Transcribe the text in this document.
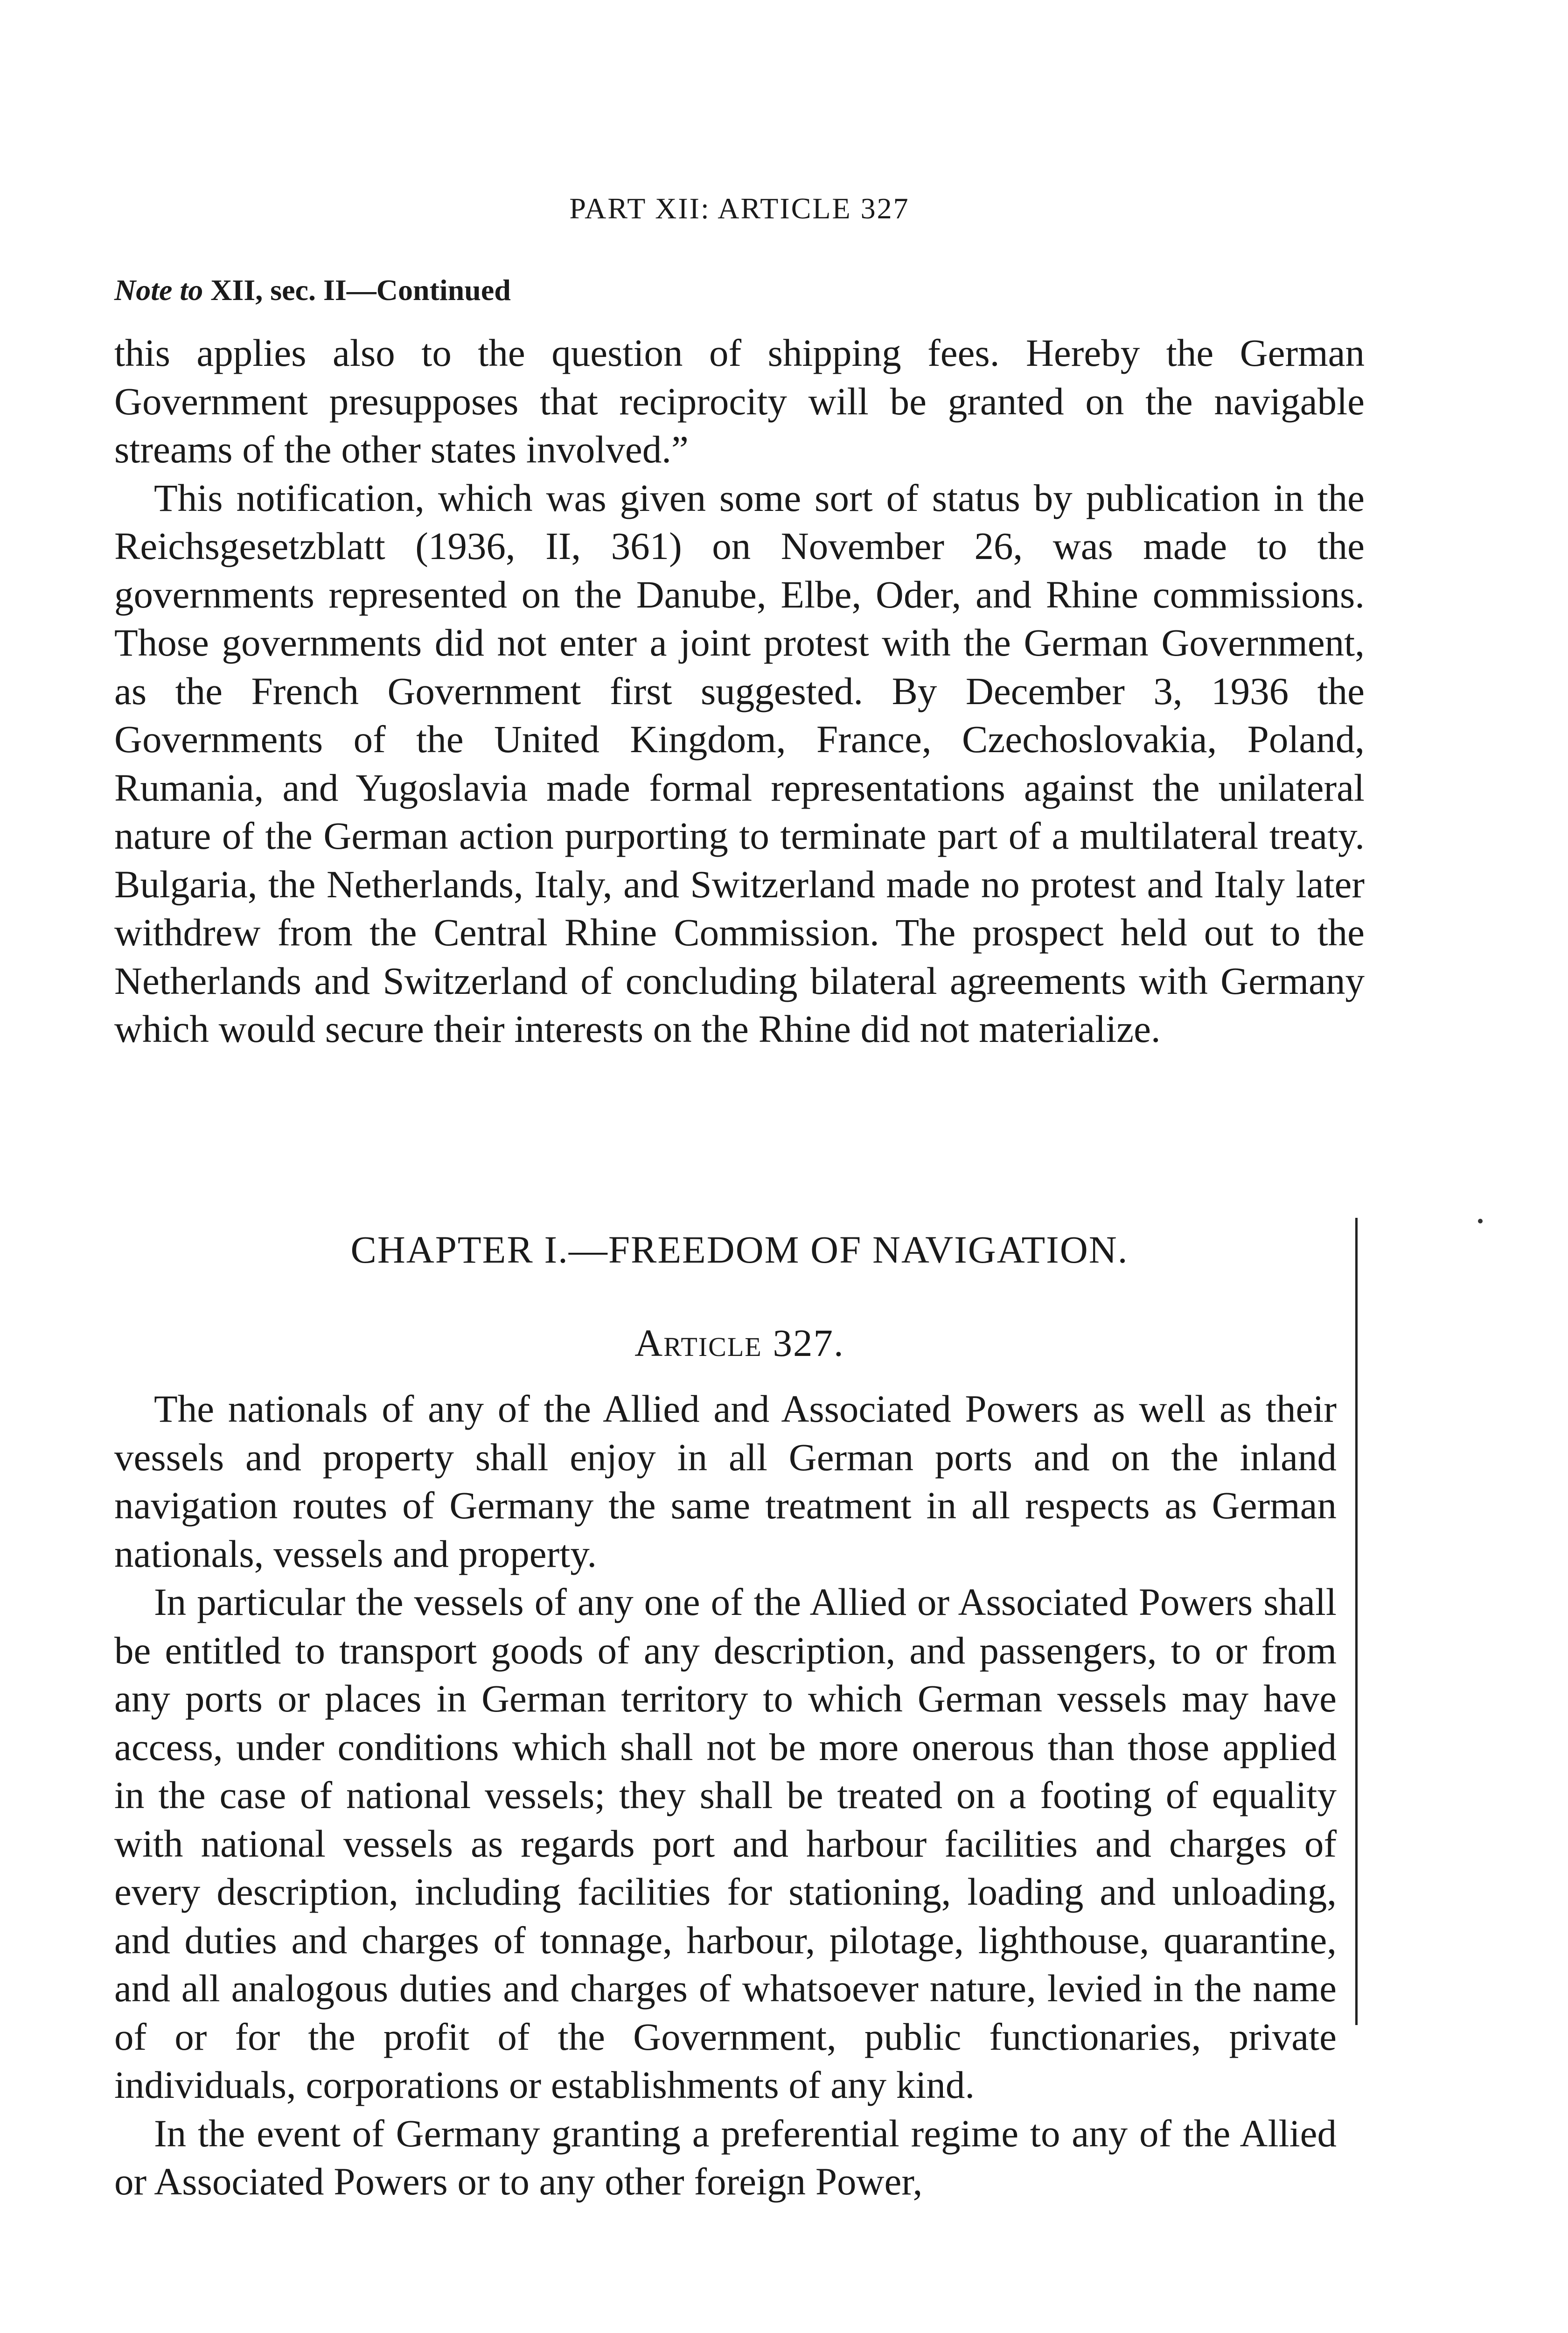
PART XII: ARTICLE 327
Note to XII, sec. II—Continued

this applies also to the question of shipping fees. Hereby the German Government presupposes that reciprocity will be granted on the navigable streams of the other states involved.”

This notification, which was given some sort of status by publication in the Reichsgesetzblatt (1936, II, 361) on November 26, was made to the governments represented on the Danube, Elbe, Oder, and Rhine commissions. Those governments did not enter a joint protest with the German Government, as the French Government first suggested. By December 3, 1936 the Governments of the United Kingdom, France, Czechoslovakia, Poland, Rumania, and Yugoslavia made formal representations against the unilateral nature of the German action purporting to terminate part of a multilateral treaty. Bulgaria, the Netherlands, Italy, and Switzerland made no protest and Italy later withdrew from the Central Rhine Commission. The prospect held out to the Netherlands and Switzerland of concluding bilateral agreements with Germany which would secure their interests on the Rhine did not materialize.

CHAPTER I.—FREEDOM OF NAVIGATION.
Article 327.

The nationals of any of the Allied and Associated Powers as well as their vessels and property shall enjoy in all German ports and on the inland navigation routes of Germany the same treatment in all respects as German nationals, vessels and property.

In particular the vessels of any one of the Allied or Associated Powers shall be entitled to transport goods of any description, and passengers, to or from any ports or places in German territory to which German vessels may have access, under conditions which shall not be more onerous than those applied in the case of national vessels; they shall be treated on a footing of equality with national vessels as regards port and harbour facilities and charges of every description, including facilities for stationing, loading and unloading, and duties and charges of tonnage, harbour, pilotage, lighthouse, quarantine, and all analogous duties and charges of whatsoever nature, levied in the name of or for the profit of the Government, public functionaries, private individuals, corporations or establishments of any kind.

In the event of Germany granting a preferential regime to any of the Allied or Associated Powers or to any other foreign Power,
